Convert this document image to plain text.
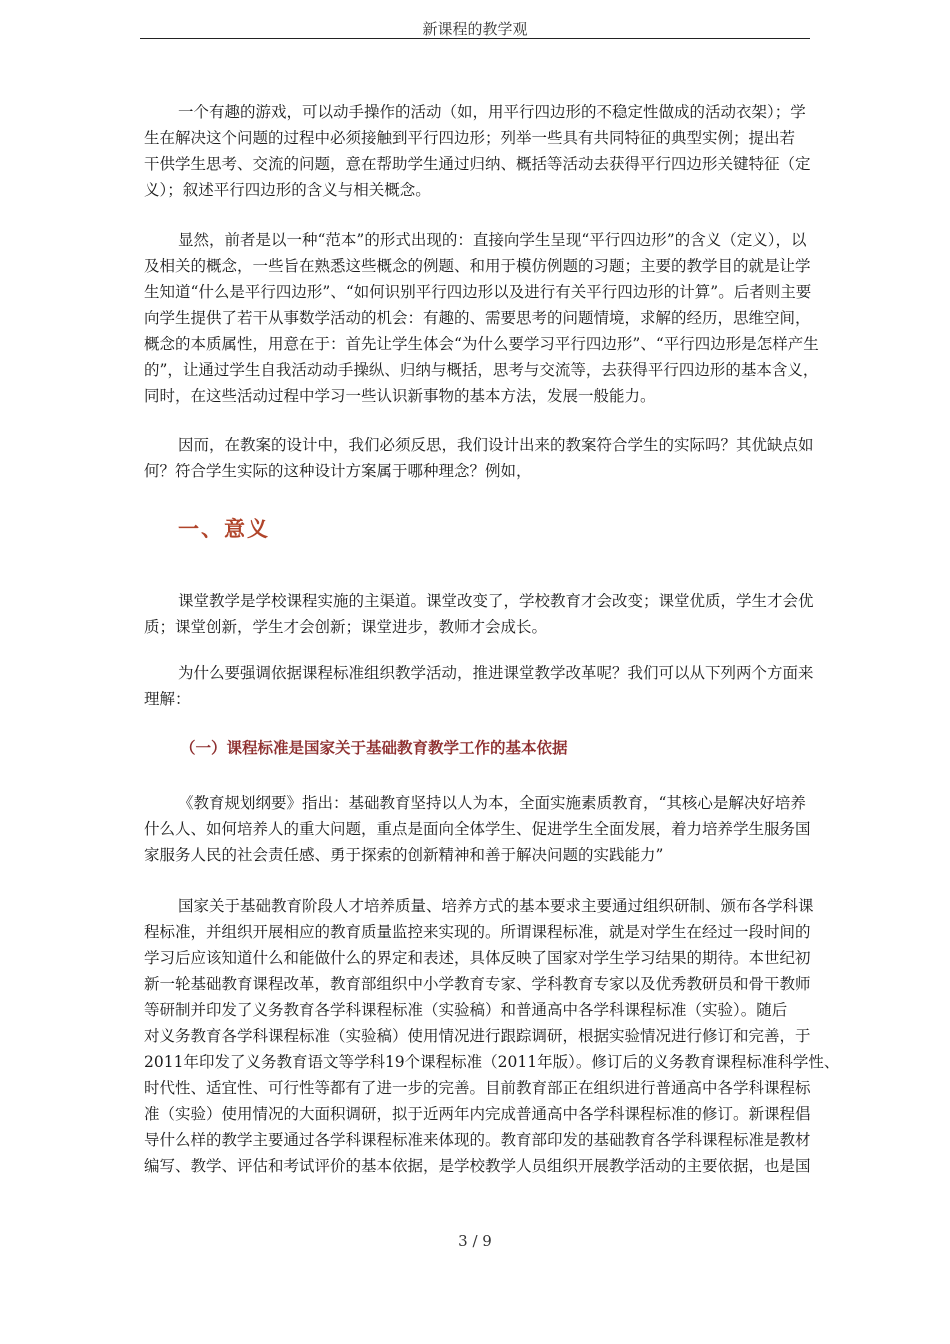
新课程的教学观
一个有趣的游戏，可以动手操作的活动（如，用平行四边形的不稳定性做成的活动衣架）；学
生在解决这个问题的过程中必须接触到平行四边形；列举一些具有共同特征的典型实例；提出若
干供学生思考、交流的问题，意在帮助学生通过归纳、概括等活动去获得平行四边形关键特征（定
义）；叙述平行四边形的含义与相关概念。
显然，前者是以一种“范本”的形式出现的：直接向学生呈现“平行四边形”的含义（定义），以
及相关的概念，一些旨在熟悉这些概念的例题、和用于模仿例题的习题；主要的教学目的就是让学
生知道“什么是平行四边形”、“如何识别平行四边形以及进行有关平行四边形的计算”。后者则主要
向学生提供了若干从事数学活动的机会：有趣的、需要思考的问题情境，求解的经历，思维空间，
概念的本质属性，用意在于：首先让学生体会“为什么要学习平行四边形”、“平行四边形是怎样产生
的”，让通过学生自我活动动手操纵、归纳与概括，思考与交流等，去获得平行四边形的基本含义，
同时，在这些活动过程中学习一些认识新事物的基本方法，发展一般能力。
因而，在教案的设计中，我们必须反思，我们设计出来的教案符合学生的实际吗？其优缺点如
何？符合学生实际的这种设计方案属于哪种理念？例如，
一、意义
课堂教学是学校课程实施的主渠道。课堂改变了，学校教育才会改变；课堂优质，学生才会优
质；课堂创新，学生才会创新；课堂进步，教师才会成长。
为什么要强调依据课程标准组织教学活动，推进课堂教学改革呢？我们可以从下列两个方面来
理解：
（一）课程标准是国家关于基础教育教学工作的基本依据
《教育规划纲要》指出：基础教育坚持以人为本，全面实施素质教育，“其核心是解决好培养
什么人、如何培养人的重大问题，重点是面向全体学生、促进学生全面发展，着力培养学生服务国
家服务人民的社会责任感、勇于探索的创新精神和善于解决问题的实践能力”
国家关于基础教育阶段人才培养质量、培养方式的基本要求主要通过组织研制、颁布各学科课
程标准，并组织开展相应的教育质量监控来实现的。所谓课程标准，就是对学生在经过一段时间的
学习后应该知道什么和能做什么的界定和表述，具体反映了国家对学生学习结果的期待。本世纪初
新一轮基础教育课程改革，教育部组织中小学教育专家、学科教育专家以及优秀教研员和骨干教师
等研制并印发了义务教育各学科课程标准（实验稿）和普通高中各学科课程标准（实验）。随后
对义务教育各学科课程标准（实验稿）使用情况进行跟踪调研，根据实验情况进行修订和完善，于
2011年印发了义务教育语文等学科19个课程标准（2011年版）。修订后的义务教育课程标准科学性、
时代性、适宜性、可行性等都有了进一步的完善。目前教育部正在组织进行普通高中各学科课程标
准（实验）使用情况的大面积调研，拟于近两年内完成普通高中各学科课程标准的修订。新课程倡
导什么样的教学主要通过各学科课程标准来体现的。教育部印发的基础教育各学科课程标准是教材
编写、教学、评估和考试评价的基本依据，是学校教学人员组织开展教学活动的主要依据，也是国
3 / 9
